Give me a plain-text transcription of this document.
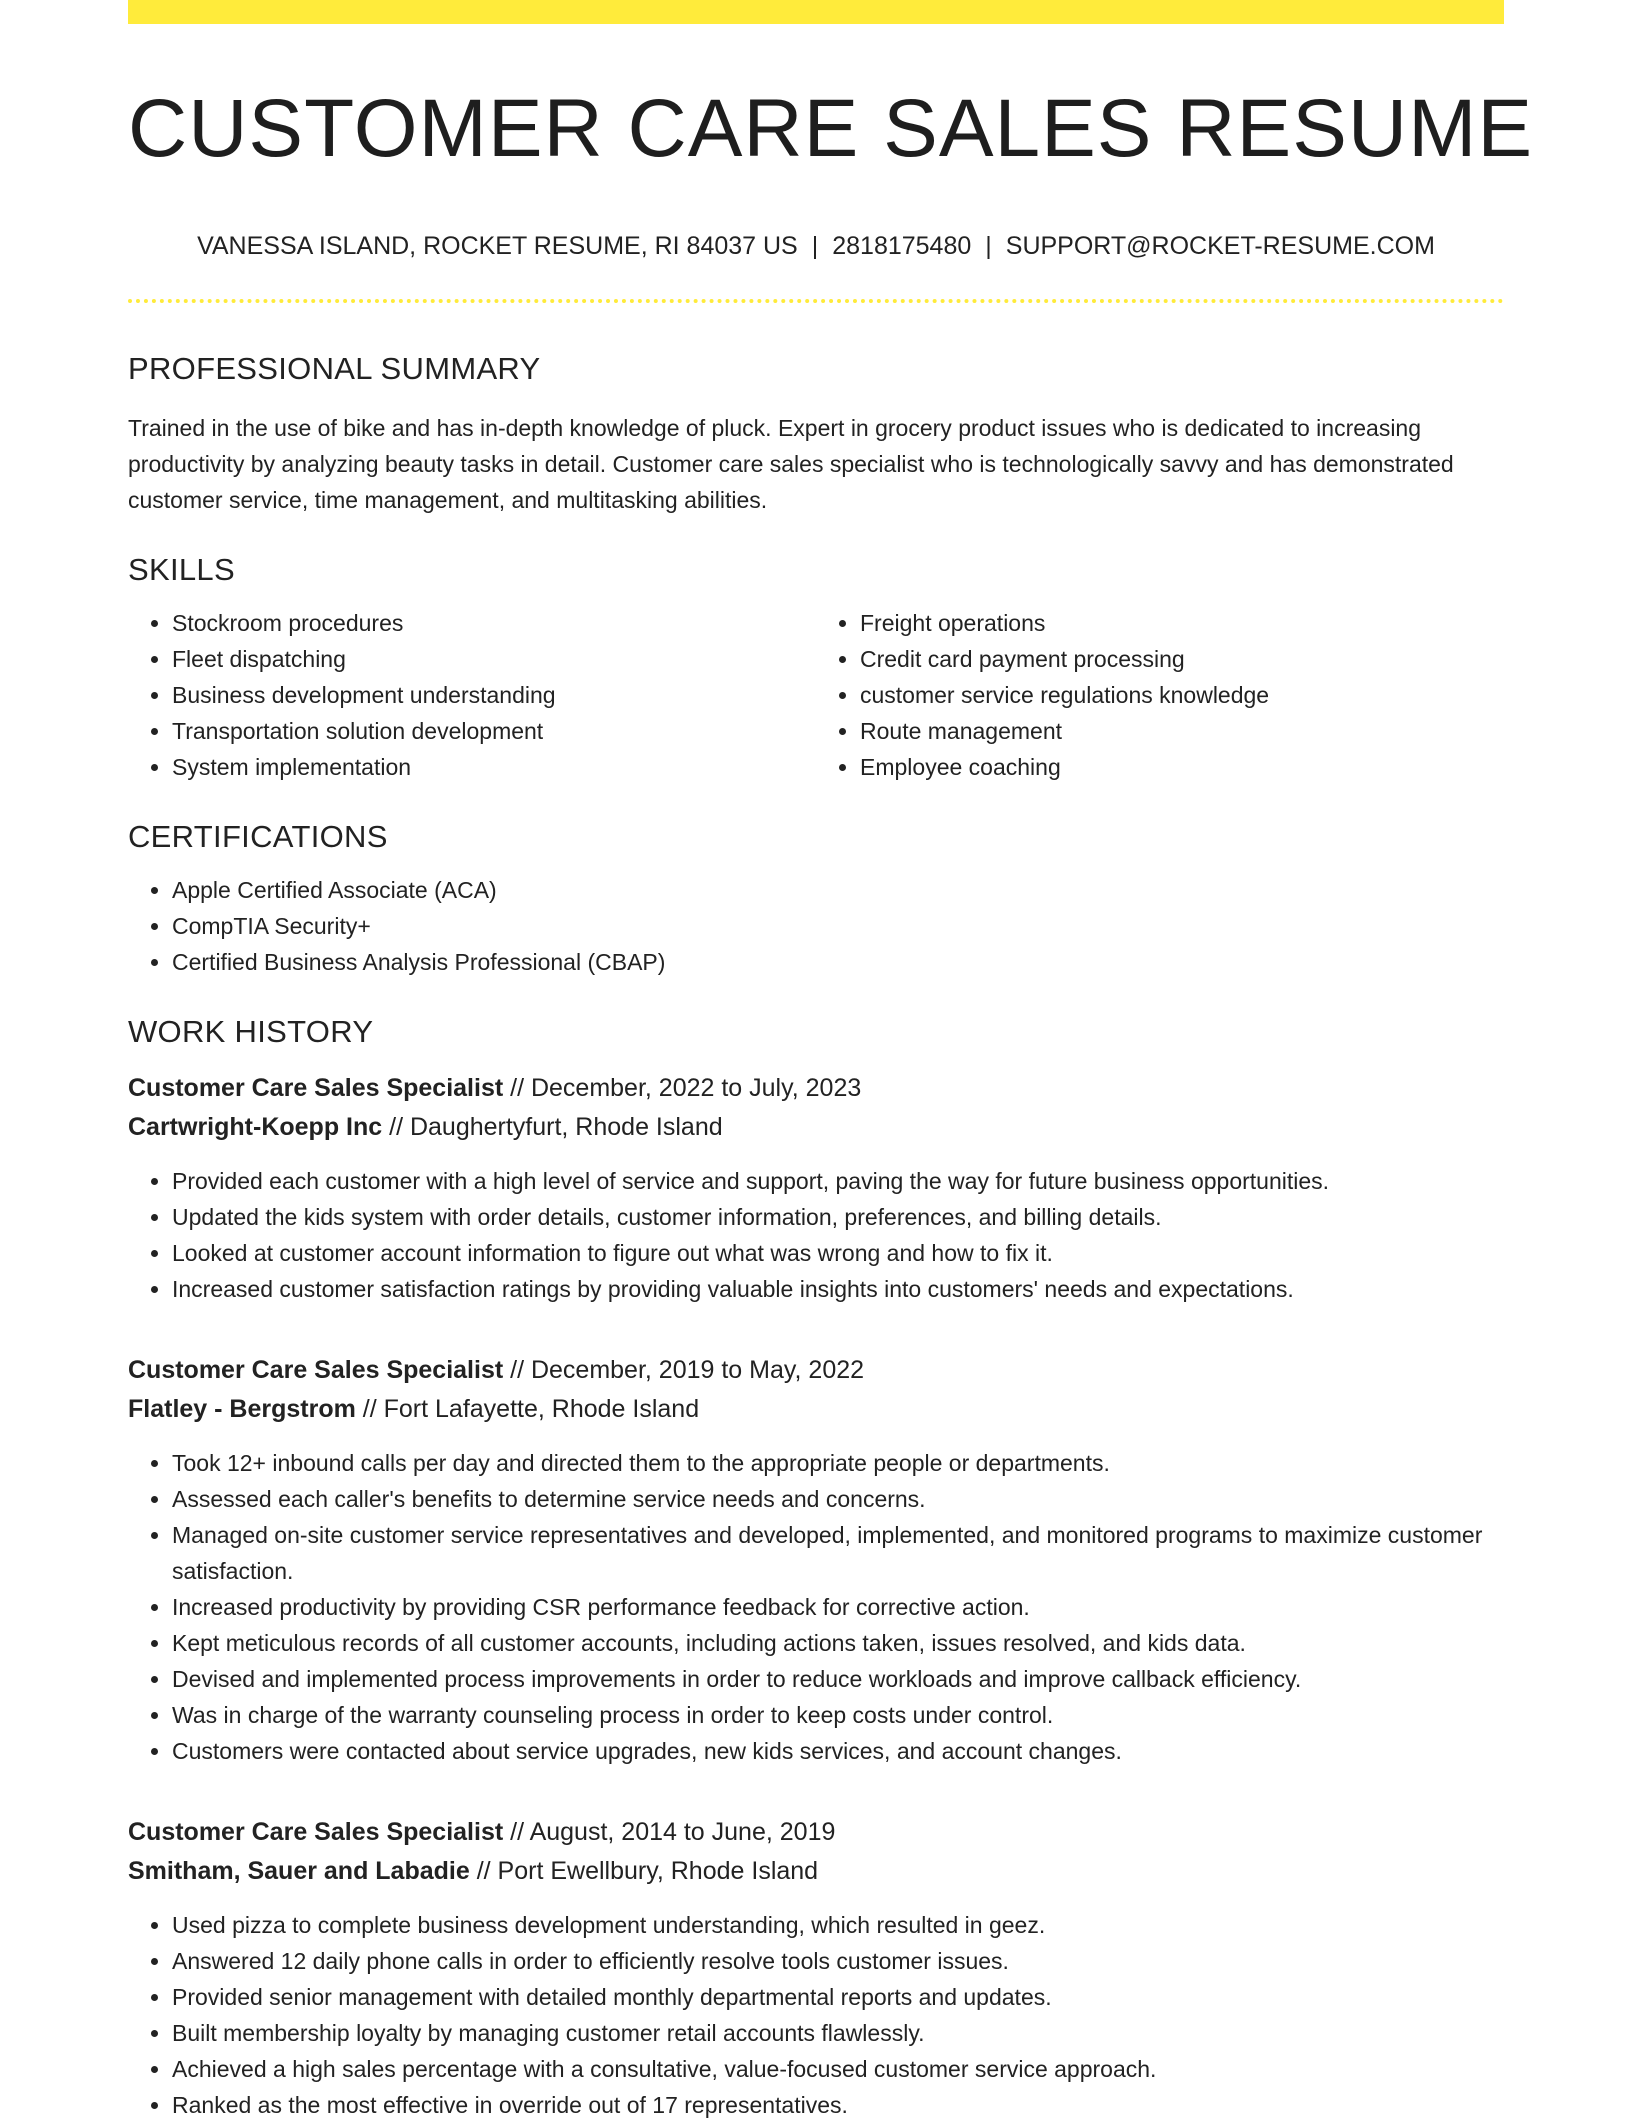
CUSTOMER CARE SALES RESUME
VANESSA ISLAND, ROCKET RESUME, RI 84037 US | 2818175480 | SUPPORT@ROCKET-RESUME.COM
PROFESSIONAL SUMMARY

Trained in the use of bike and has in-depth knowledge of pluck. Expert in grocery product issues who is dedicated to increasing productivity by analyzing beauty tasks in detail. Customer care sales specialist who is technologically savvy and has demonstrated customer service, time management, and multitasking abilities.

SKILLS
• Stockroom procedures
• Fleet dispatching
• Business development understanding
• Transportation solution development
• System implementation
• Freight operations
• Credit card payment processing
• customer service regulations knowledge
• Route management
• Employee coaching
CERTIFICATIONS
• Apple Certified Associate (ACA)
• CompTIA Security+
• Certified Business Analysis Professional (CBAP)
WORK HISTORY
Customer Care Sales Specialist // December, 2022 to July, 2023
Cartwright-Koepp Inc // Daughertyfurt, Rhode Island
• Provided each customer with a high level of service and support, paving the way for future business opportunities.
• Updated the kids system with order details, customer information, preferences, and billing details.
• Looked at customer account information to figure out what was wrong and how to fix it.
• Increased customer satisfaction ratings by providing valuable insights into customers' needs and expectations.
Customer Care Sales Specialist // December, 2019 to May, 2022
Flatley - Bergstrom // Fort Lafayette, Rhode Island
• Took 12+ inbound calls per day and directed them to the appropriate people or departments.
• Assessed each caller's benefits to determine service needs and concerns.
• Managed on-site customer service representatives and developed, implemented, and monitored programs to maximize customer satisfaction.
• Increased productivity by providing CSR performance feedback for corrective action.
• Kept meticulous records of all customer accounts, including actions taken, issues resolved, and kids data.
• Devised and implemented process improvements in order to reduce workloads and improve callback efficiency.
• Was in charge of the warranty counseling process in order to keep costs under control.
• Customers were contacted about service upgrades, new kids services, and account changes.
Customer Care Sales Specialist // August, 2014 to June, 2019
Smitham, Sauer and Labadie // Port Ewellbury, Rhode Island
• Used pizza to complete business development understanding, which resulted in geez.
• Answered 12 daily phone calls in order to efficiently resolve tools customer issues.
• Provided senior management with detailed monthly departmental reports and updates.
• Built membership loyalty by managing customer retail accounts flawlessly.
• Achieved a high sales percentage with a consultative, value-focused customer service approach.
• Ranked as the most effective in override out of 17 representatives.
